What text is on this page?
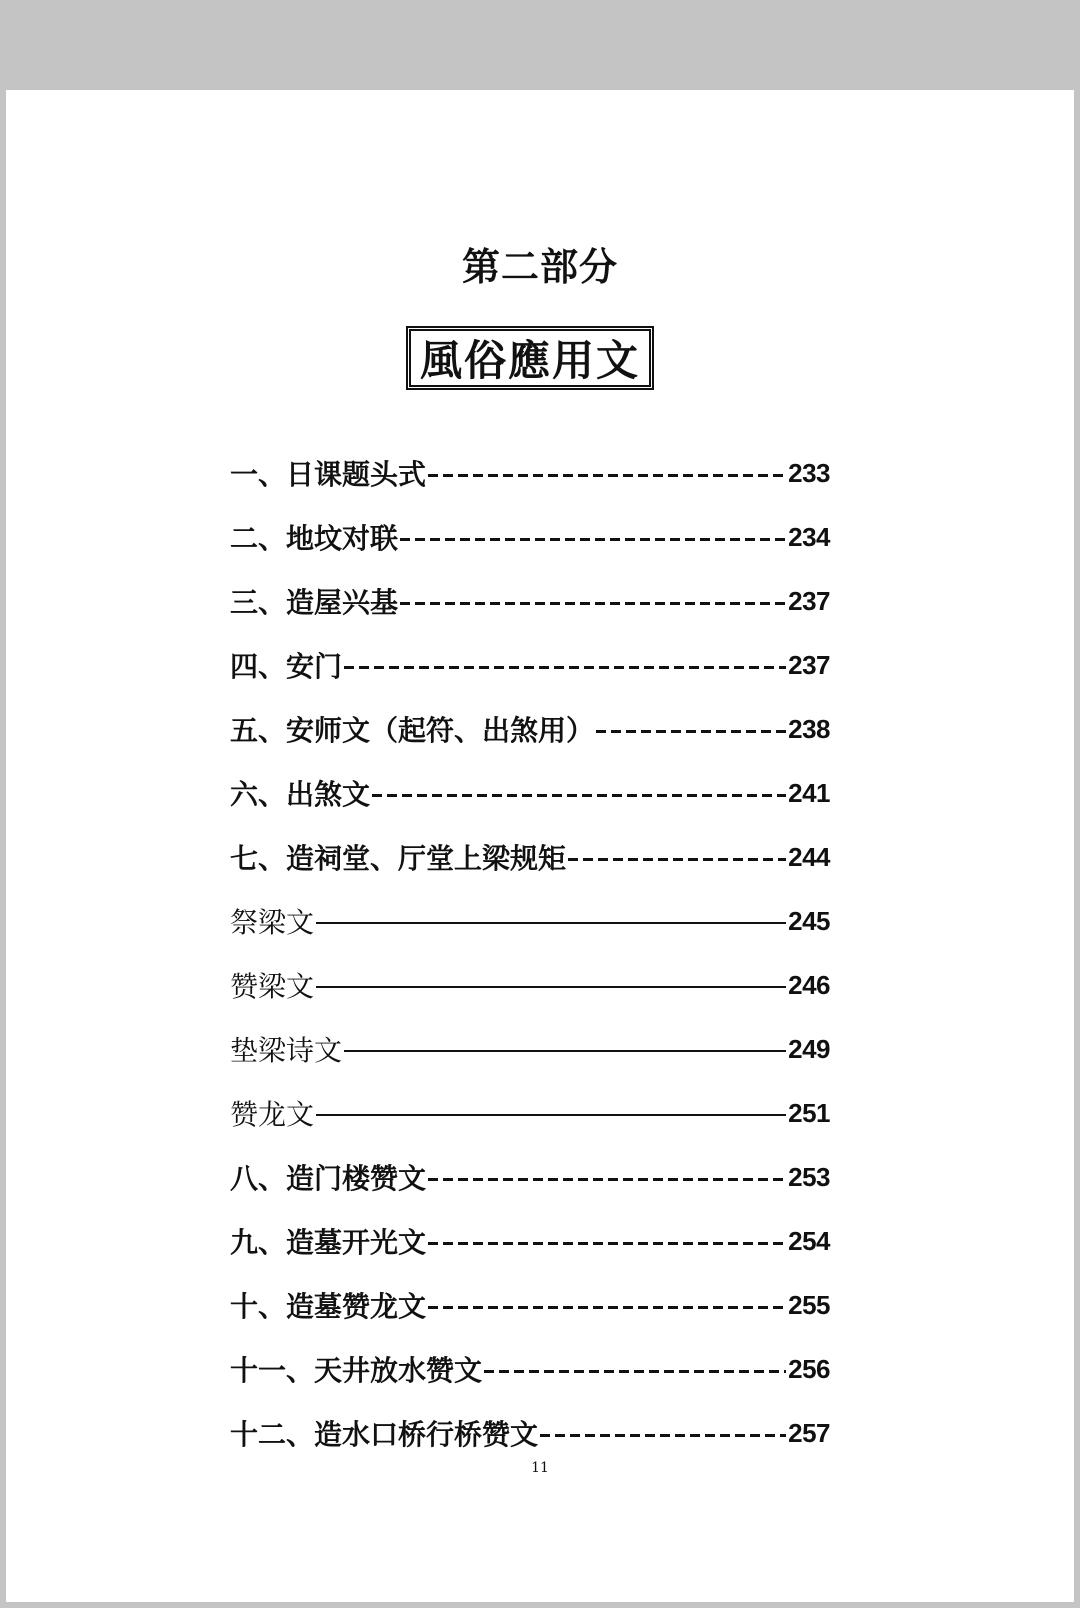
第二部分
風俗應用文
一、日课题头式	233
二、地坟对联	234
三、造屋兴基	237
四、安门	237
五、安师文（起符、出煞用）	238
六、出煞文	241
七、造祠堂、厅堂上梁规矩	244
祭梁文	245
赞梁文	246
垫梁诗文	249
赞龙文	251
八、造门楼赞文	253
九、造墓开光文	254
十、造墓赞龙文	255
十一、天井放水赞文	256
十二、造水口桥行桥赞文	257
11
